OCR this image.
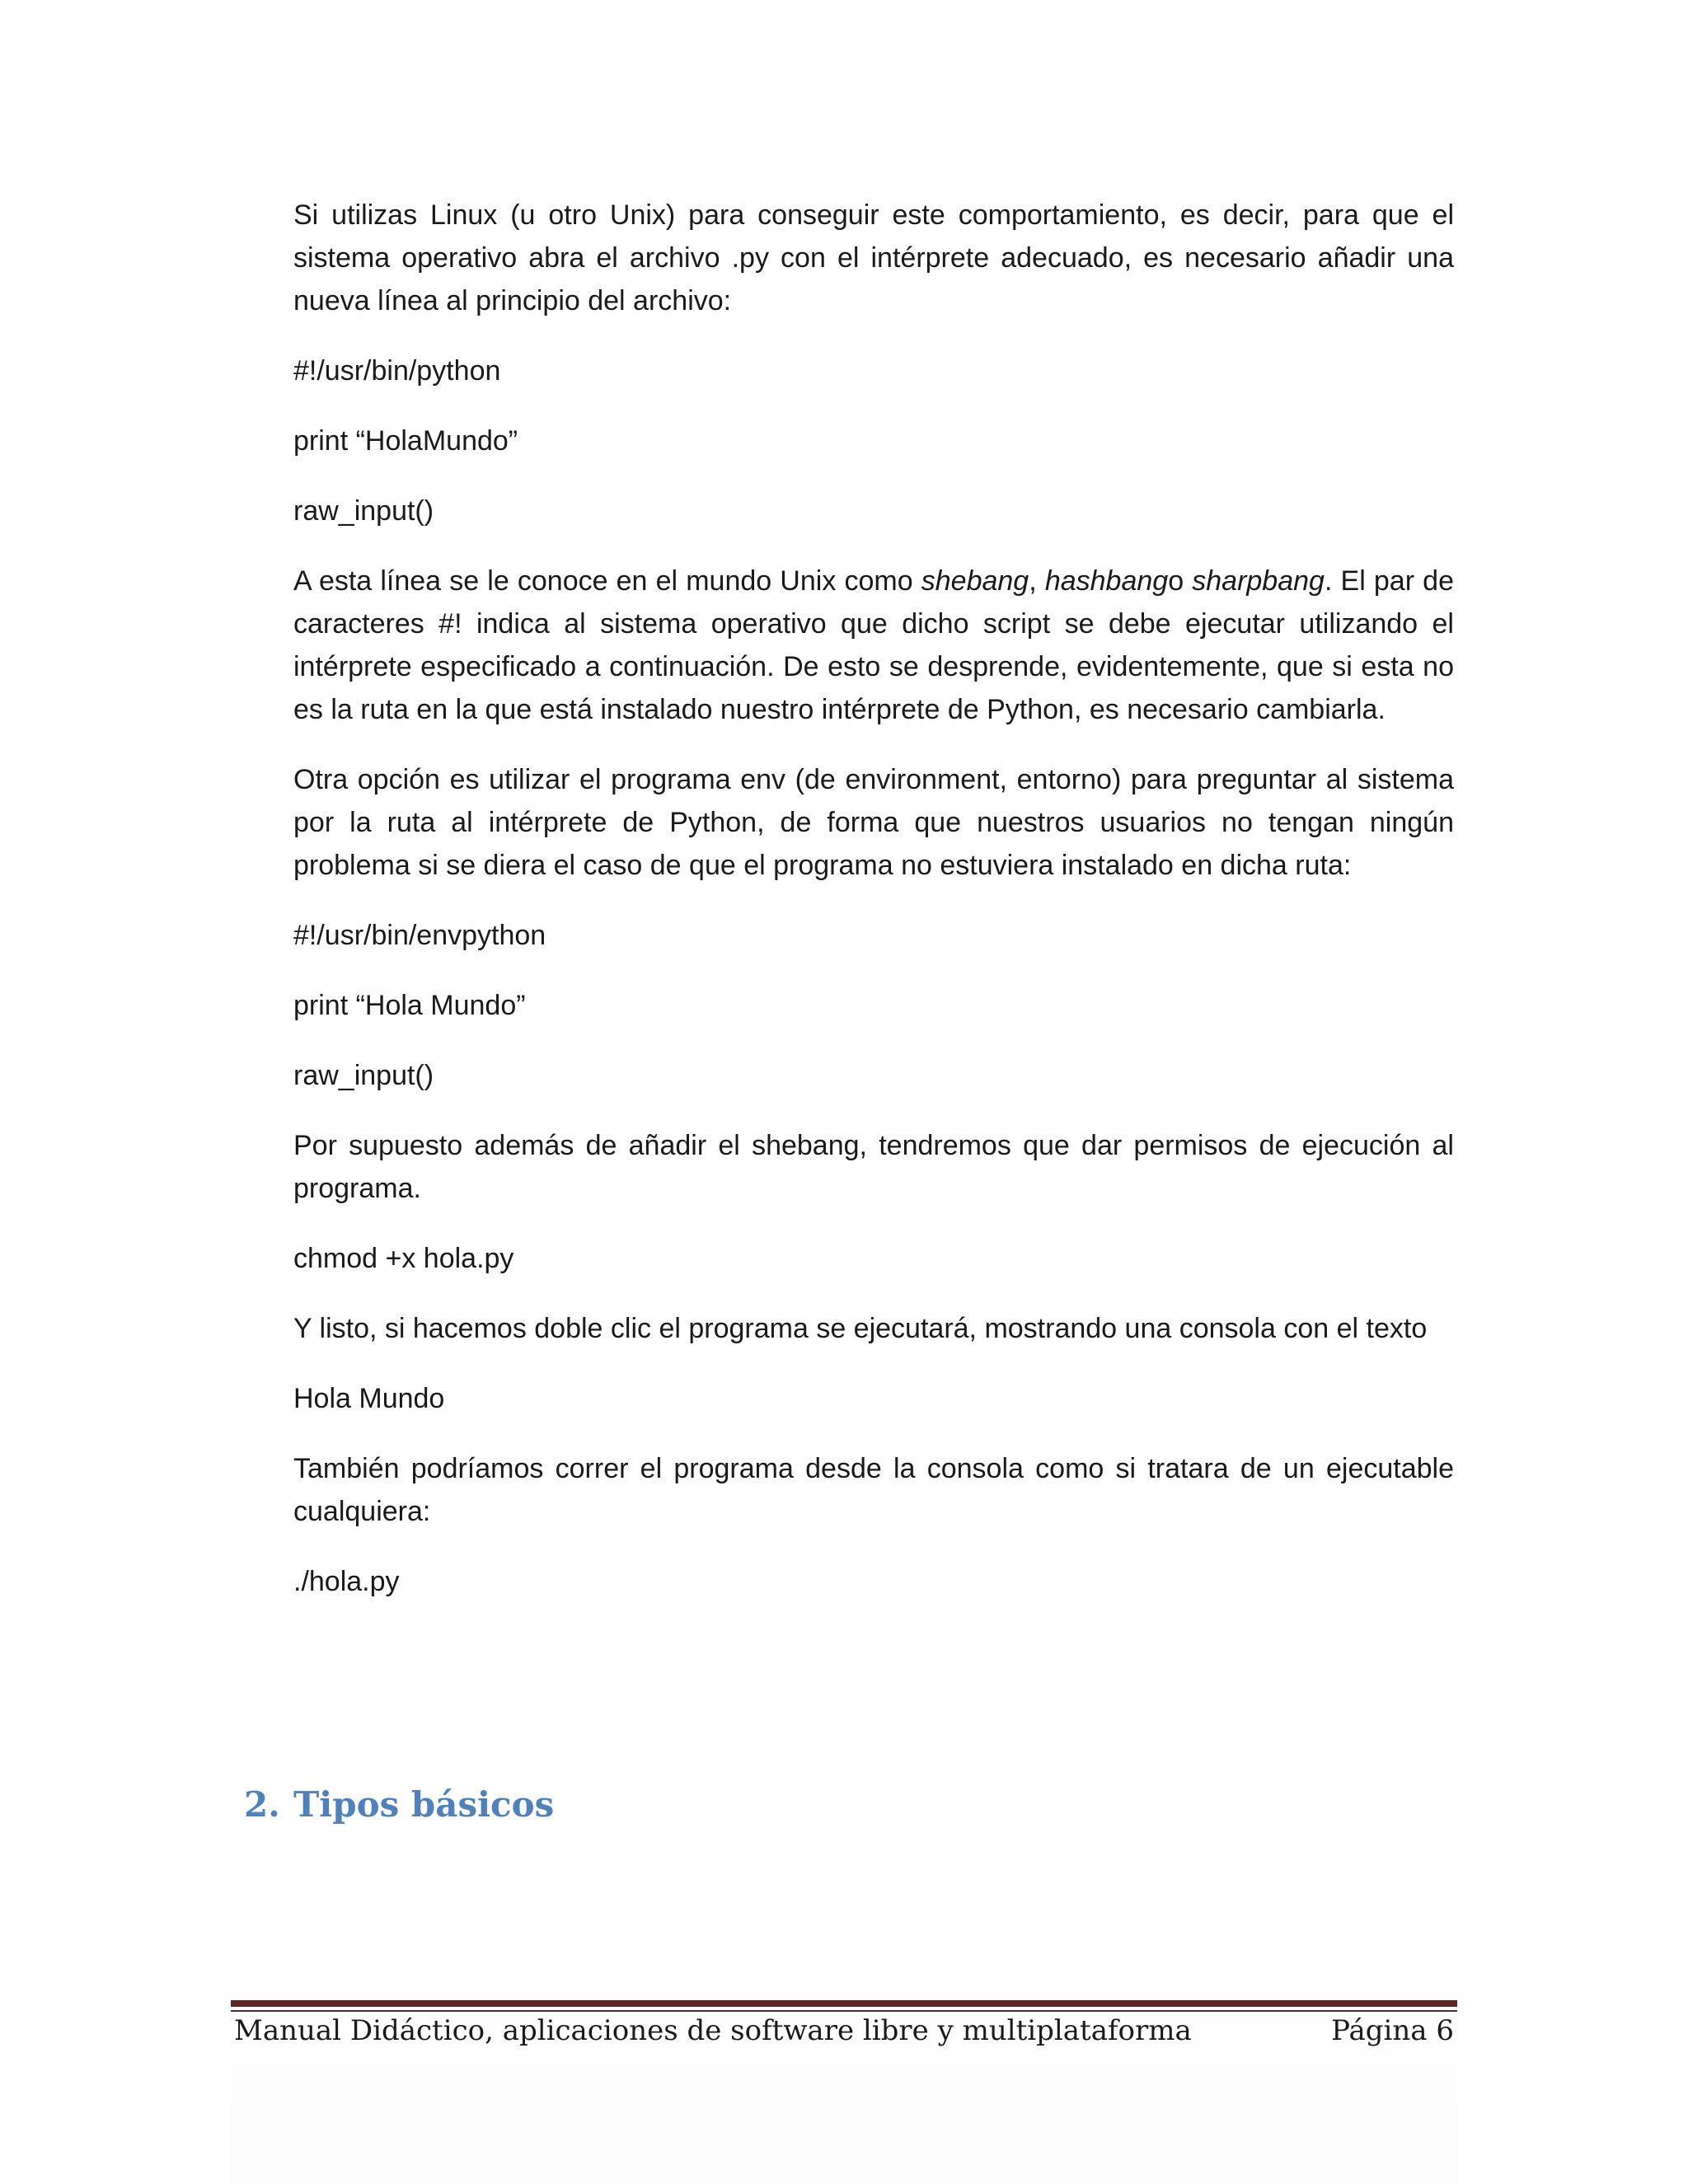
Si utilizas Linux (u otro Unix) para conseguir este comportamiento, es decir, para que el sistema operativo abra el archivo .py con el intérprete adecuado, es necesario añadir una nueva línea al principio del archivo:

#!/usr/bin/python

print “HolaMundo”

raw_input()

A esta línea se le conoce en el mundo Unix como shebang, hashbango sharpbang. El par de caracteres #! indica al sistema operativo que dicho script se debe ejecutar utilizando el intérprete especificado a continuación. De esto se desprende, evidentemente, que si esta no es la ruta en la que está instalado nuestro intérprete de Python, es necesario cambiarla.

Otra opción es utilizar el programa env (de environment, entorno) para preguntar al sistema por la ruta al intérprete de Python, de forma que nuestros usuarios no tengan ningún problema si se diera el caso de que el programa no estuviera instalado en dicha ruta:

#!/usr/bin/envpython

print “Hola Mundo”

raw_input()

Por supuesto además de añadir el shebang, tendremos que dar permisos de ejecución al programa.

chmod +x hola.py

Y listo, si hacemos doble clic el programa se ejecutará, mostrando una consola con el texto

Hola Mundo

También podríamos correr el programa desde la consola como si tratara de un ejecutable cualquiera:

./hola.py

2. Tipos básicos
Manual Didáctico, aplicaciones de software libre y multiplataforma	Página 6
